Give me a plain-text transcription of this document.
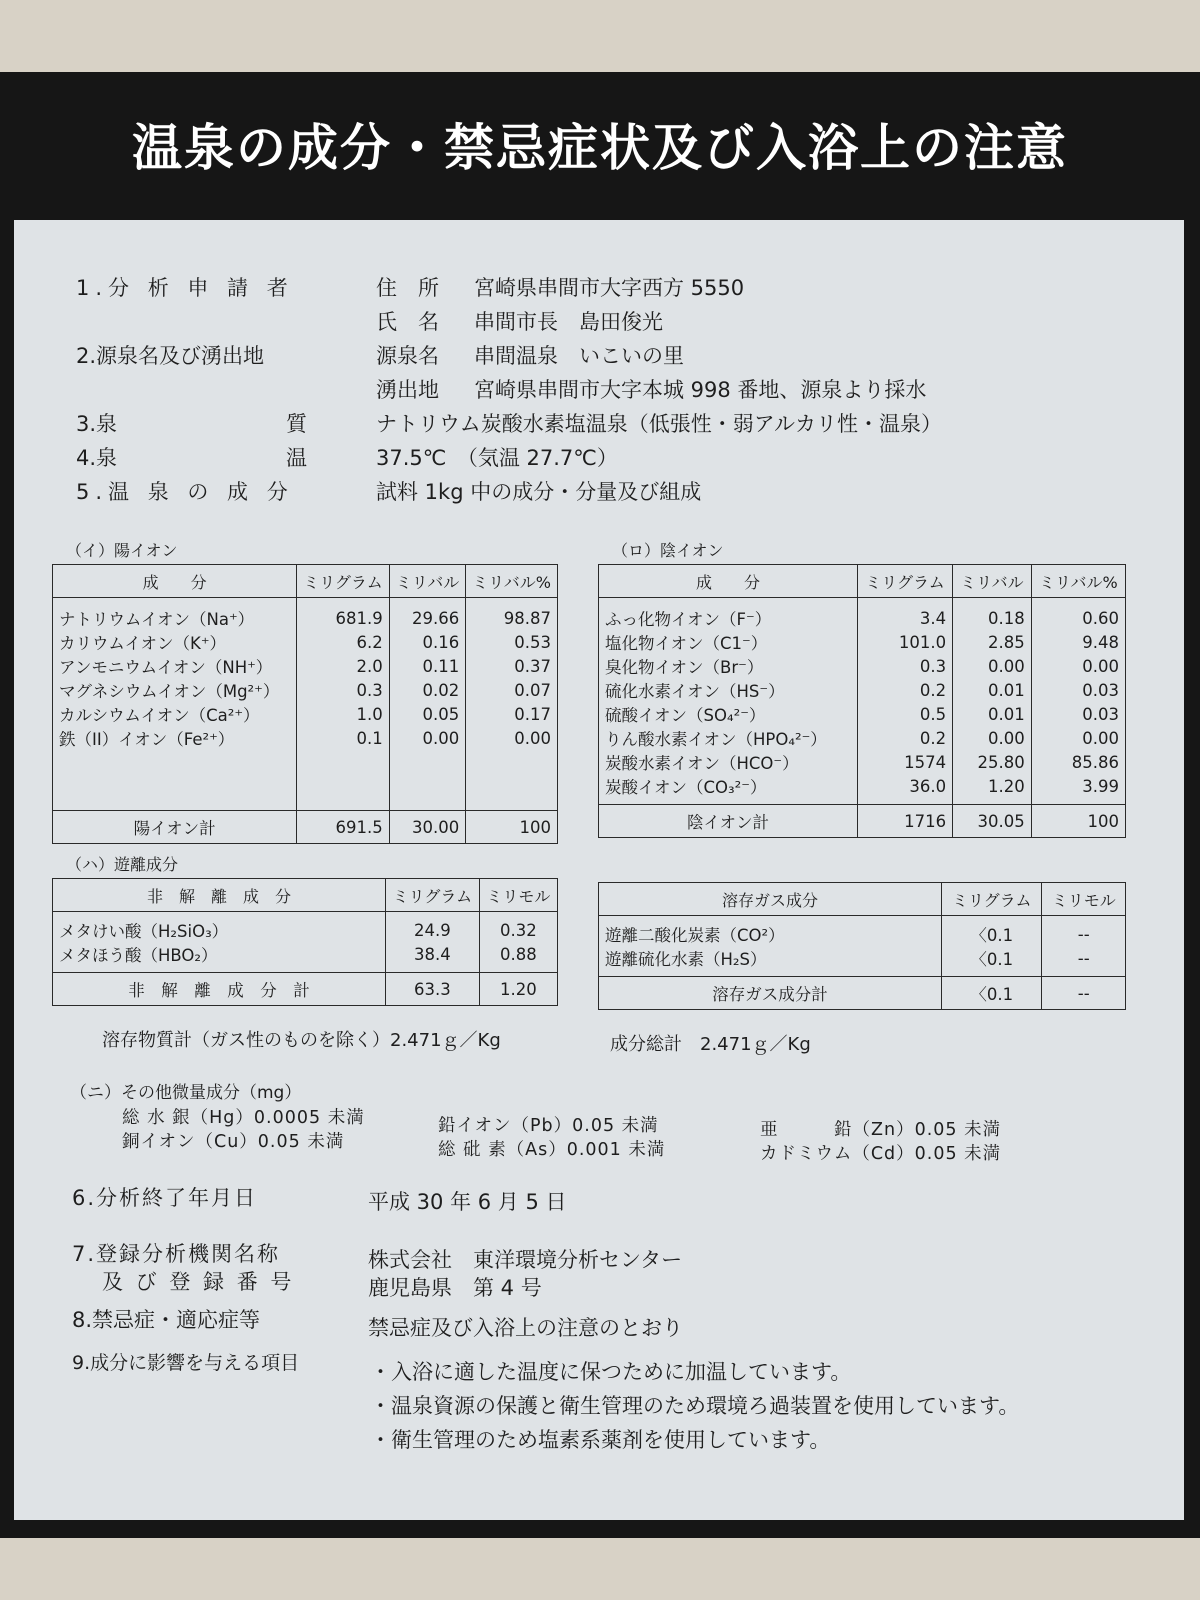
温泉の成分・禁忌症状及び入浴上の注意
1.分 析 申 請 者	住　所 宮崎県串間市大字西方 5550
氏　名 串間市長　島田俊光
2.源泉名及び湧出地	源泉名 串間温泉　いこいの里
湧出地 宮崎県串間市大字本城 998 番地、源泉より採水
3.泉	質	ナトリウム炭酸水素塩温泉（低張性・弱アルカリ性・温泉）
4.泉	温	37.5℃　（気温 27.7℃）
5.温 泉 の 成 分	試料 1kg 中の成分・分量及び組成
（イ）陽イオン
成　　分	ミリグラム	ミリバル	ミリバル%

ナトリウムイオン（Na⁺）	681.9	29.66	98.87
カリウムイオン（K⁺）	6.2	0.16	0.53
アンモニウムイオン（NH⁺）	2.0	0.11	0.37
マグネシウムイオン（Mg²⁺）	0.3	0.02	0.07
カルシウムイオン（Ca²⁺）	1.0	0.05	0.17
鉄（II）イオン（Fe²⁺）	0.1	0.00	0.00

陽イオン計	691.5	30.00	100
（ロ）陰イオン
成　　分	ミリグラム	ミリバル	ミリバル%

ふっ化物イオン（F⁻）	3.4	0.18	0.60
塩化物イオン（C1⁻）	101.0	2.85	9.48
臭化物イオン（Br⁻）	0.3	0.00	0.00
硫化水素イオン（HS⁻）	0.2	0.01	0.03
硫酸イオン（SO₄²⁻）	0.5	0.01	0.03
りん酸水素イオン（HPO₄²⁻）	0.2	0.00	0.00
炭酸水素イオン（HCO⁻）	1574	25.80	85.86
炭酸イオン（CO₃²⁻）	36.0	1.20	3.99

陰イオン計	1716	30.05	100
（ハ）遊離成分
非　解　離　成　分	ミリグラム	ミリモル

メタけい酸（H₂SiO₃）	24.9	0.32
メタほう酸（HBO₂）	38.4	0.88

非　解　離　成　分　計	63.3	1.20
溶存ガス成分	ミリグラム	ミリモル

遊離二酸化炭素（CO²）	〈0.1	--
遊離硫化水素（H₂S）	〈0.1	--

溶存ガス成分計	〈0.1	--
溶存物質計（ガス性のものを除く）2.471ｇ／Kg	成分総計　2.471ｇ／Kg
（ニ）その他微量成分（mg）
総 水 銀（Hg）0.0005 未満
銅イオン（Cu）0.05 未満
鉛イオン（Pb）0.05 未満
総 砒 素（As）0.001 未満
亜　　　鉛（Zn）0.05 未満
カドミウム（Cd）0.05 未満
6.分析終了年月日	平成 30 年 6 月 5 日
7.登録分析機関名称
及 び 登 録 番 号
株式会社　東洋環境分析センター
鹿児島県　第 4 号
8.禁忌症・適応症等	禁忌症及び入浴上の注意のとおり
9.成分に影響を与える項目	・入浴に適した温度に保つために加温しています。
・温泉資源の保護と衛生管理のため環境ろ過装置を使用しています。
・衛生管理のため塩素系薬剤を使用しています。
